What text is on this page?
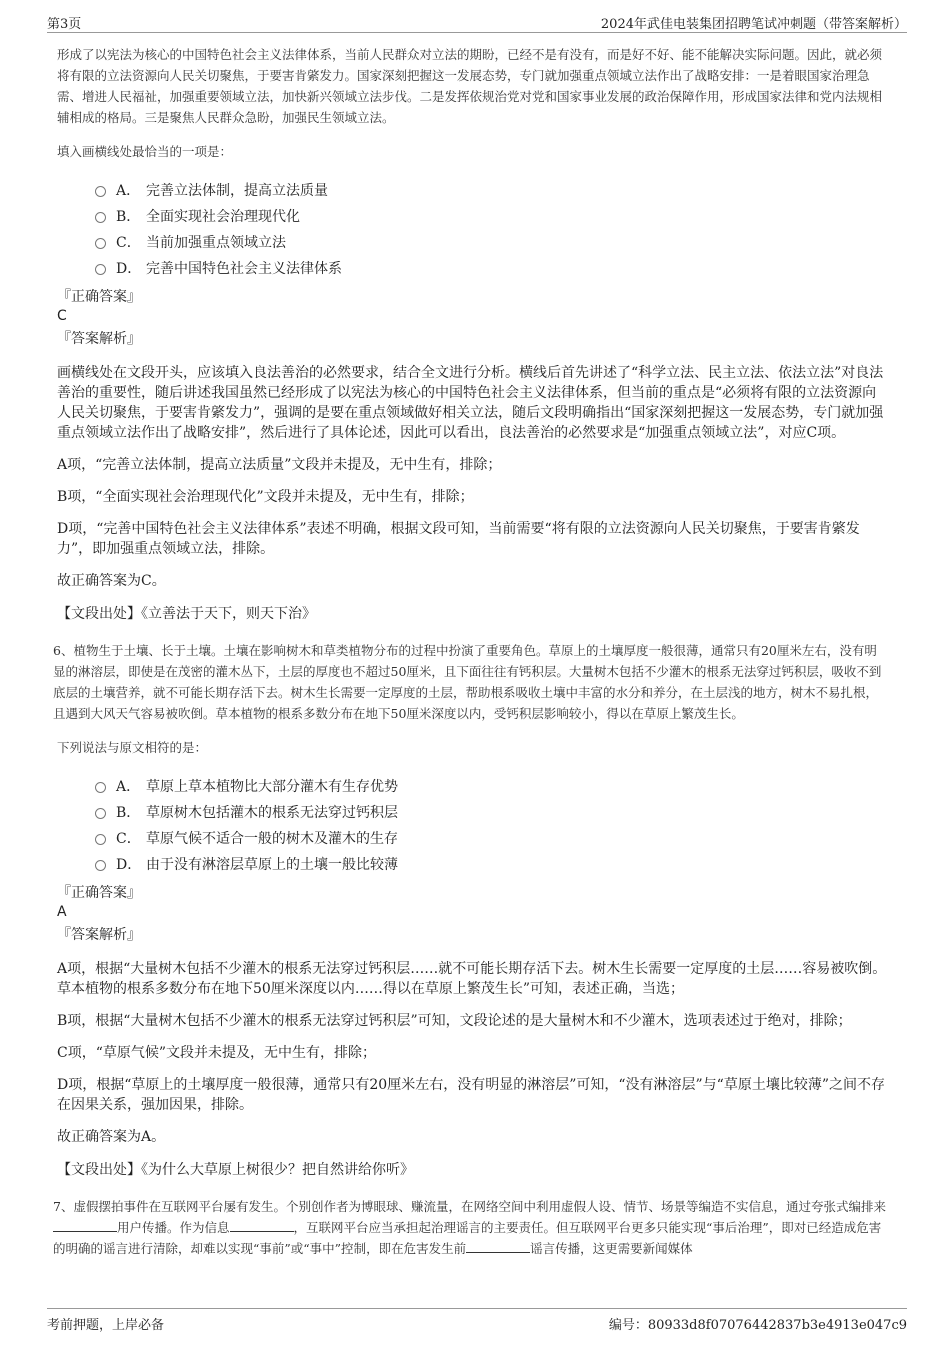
第3页	2024年武佳电装集团招聘笔试冲刺题（带答案解析）

形成了以宪法为核心的中国特色社会主义法律体系，当前人民群众对立法的期盼，已经不是有没有，而是好不好、能不能解决实际问题。因此，就必须将有限的立法资源向人民关切聚焦，于要害肯綮发力。国家深刻把握这一发展态势，专门就加强重点领域立法作出了战略安排：一是着眼国家治理急需、增进人民福祉，加强重要领域立法，加快新兴领域立法步伐。二是发挥依规治党对党和国家事业发展的政治保障作用，形成国家法律和党内法规相辅相成的格局。三是聚焦人民群众急盼，加强民生领域立法。

填入画横线处最恰当的一项是：

A． 完善立法体制，提高立法质量
B． 全面实现社会治理现代化
C． 当前加强重点领域立法
D． 完善中国特色社会主义法律体系

『正确答案』

C

『答案解析』

画横线处在文段开头，应该填入良法善治的必然要求，结合全文进行分析。横线后首先讲述了“科学立法、民主立法、依法立法”对良法善治的重要性，随后讲述我国虽然已经形成了以宪法为核心的中国特色社会主义法律体系，但当前的重点是“必须将有限的立法资源向人民关切聚焦，于要害肯綮发力”，强调的是要在重点领域做好相关立法，随后文段明确指出“国家深刻把握这一发展态势，专门就加强重点领域立法作出了战略安排”，然后进行了具体论述，因此可以看出，良法善治的必然要求是“加强重点领域立法”，对应C项。

A项，“完善立法体制，提高立法质量”文段并未提及，无中生有，排除；

B项，“全面实现社会治理现代化”文段并未提及，无中生有，排除；

D项，“完善中国特色社会主义法律体系”表述不明确，根据文段可知，当前需要“将有限的立法资源向人民关切聚焦，于要害肯綮发力”，即加强重点领域立法，排除。

故正确答案为C。

【文段出处】《立善法于天下，则天下治》

6、植物生于土壤、长于土壤。土壤在影响树木和草类植物分布的过程中扮演了重要角色。草原上的土壤厚度一般很薄，通常只有20厘米左右，没有明显的淋溶层，即使是在茂密的灌木丛下，土层的厚度也不超过50厘米，且下面往往有钙积层。大量树木包括不少灌木的根系无法穿过钙积层，吸收不到底层的土壤营养，就不可能长期存活下去。树木生长需要一定厚度的土层，帮助根系吸收土壤中丰富的水分和养分，在土层浅的地方，树木不易扎根，且遇到大风天气容易被吹倒。草本植物的根系多数分布在地下50厘米深度以内，受钙积层影响较小，得以在草原上繁茂生长。

下列说法与原文相符的是：

A． 草原上草本植物比大部分灌木有生存优势
B． 草原树木包括灌木的根系无法穿过钙积层
C． 草原气候不适合一般的树木及灌木的生存
D． 由于没有淋溶层草原上的土壤一般比较薄

『正确答案』

A

『答案解析』

A项，根据“大量树木包括不少灌木的根系无法穿过钙积层……就不可能长期存活下去。树木生长需要一定厚度的土层……容易被吹倒。草本植物的根系多数分布在地下50厘米深度以内……得以在草原上繁茂生长”可知，表述正确，当选；

B项，根据“大量树木包括不少灌木的根系无法穿过钙积层”可知，文段论述的是大量树木和不少灌木，选项表述过于绝对，排除；

C项，“草原气候”文段并未提及，无中生有，排除；

D项，根据“草原上的土壤厚度一般很薄，通常只有20厘米左右，没有明显的淋溶层”可知，“没有淋溶层”与“草原土壤比较薄”之间不存在因果关系，强加因果，排除。

故正确答案为A。

【文段出处】《为什么大草原上树很少？把自然讲给你听》

7、虚假摆拍事件在互联网平台屡有发生。个别创作者为博眼球、赚流量，在网络空间中利用虚假人设、情节、场景等编造不实信息，通过夸张式编排来用户传播。作为信息	，互联网平台应当承担起治理谣言的主要责任。但互联网平台更多只能实现“事后治理”，即对已经造成危害的明确的谣言进行清除，却难以实现“事前”或“事中”控制，即在危害发生前	谣言传播，这更需要新闻媒体

考前押题，上岸必备	编号：80933d8f07076442837b3e4913e047c9
